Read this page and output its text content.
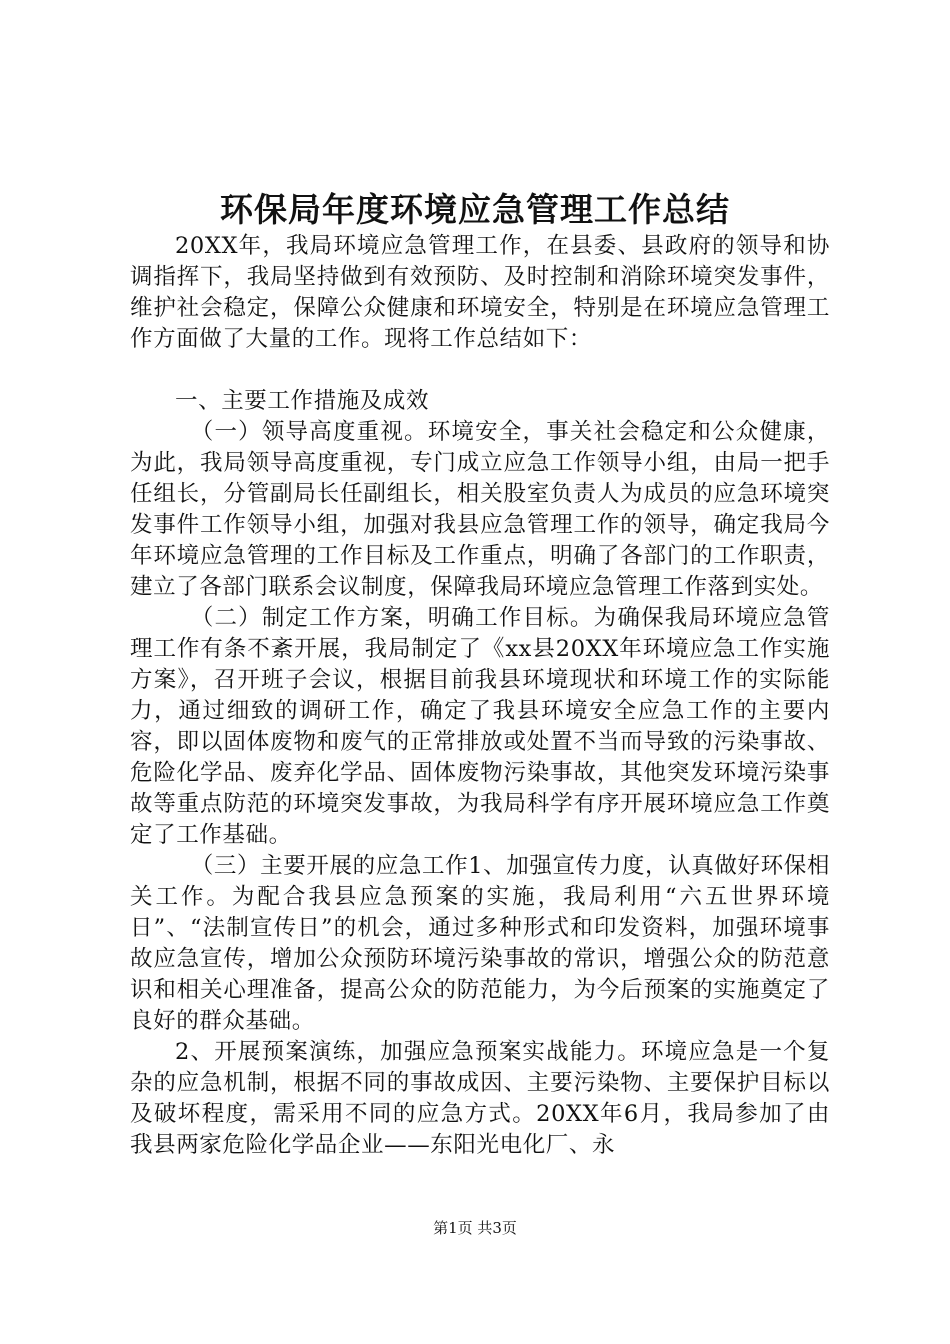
环保局年度环境应急管理工作总结

20XX年，我局环境应急管理工作，在县委、县政府的领导和协调指挥下，我局坚持做到有效预防、及时控制和消除环境突发事件，维护社会稳定，保障公众健康和环境安全，特别是在环境应急管理工作方面做了大量的工作。现将工作总结如下：

一、主要工作措施及成效

（一）领导高度重视。环境安全，事关社会稳定和公众健康，为此，我局领导高度重视，专门成立应急工作领导小组，由局一把手任组长，分管副局长任副组长，相关股室负责人为成员的应急环境突发事件工作领导小组，加强对我县应急管理工作的领导，确定我局今年环境应急管理的工作目标及工作重点，明确了各部门的工作职责，建立了各部门联系会议制度，保障我局环境应急管理工作落到实处。

（二）制定工作方案，明确工作目标。为确保我局环境应急管理工作有条不紊开展，我局制定了《xx县20XX年环境应急工作实施方案》，召开班子会议，根据目前我县环境现状和环境工作的实际能力，通过细致的调研工作，确定了我县环境安全应急工作的主要内容，即以固体废物和废气的正常排放或处置不当而导致的污染事故、危险化学品、废弃化学品、固体废物污染事故，其他突发环境污染事故等重点防范的环境突发事故，为我局科学有序开展环境应急工作奠定了工作基础。

（三）主要开展的应急工作1、加强宣传力度，认真做好环保相关工作。为配合我县应急预案的实施，我局利用“六五世界环境日”、“法制宣传日”的机会，通过多种形式和印发资料，加强环境事故应急宣传，增加公众预防环境污染事故的常识，增强公众的防范意识和相关心理准备，提高公众的防范能力，为今后预案的实施奠定了良好的群众基础。

2、开展预案演练，加强应急预案实战能力。环境应急是一个复杂的应急机制，根据不同的事故成因、主要污染物、主要保护目标以及破坏程度，需采用不同的应急方式。20XX年6月，我局参加了由我县两家危险化学品企业——东阳光电化厂、永

第1页 共3页
